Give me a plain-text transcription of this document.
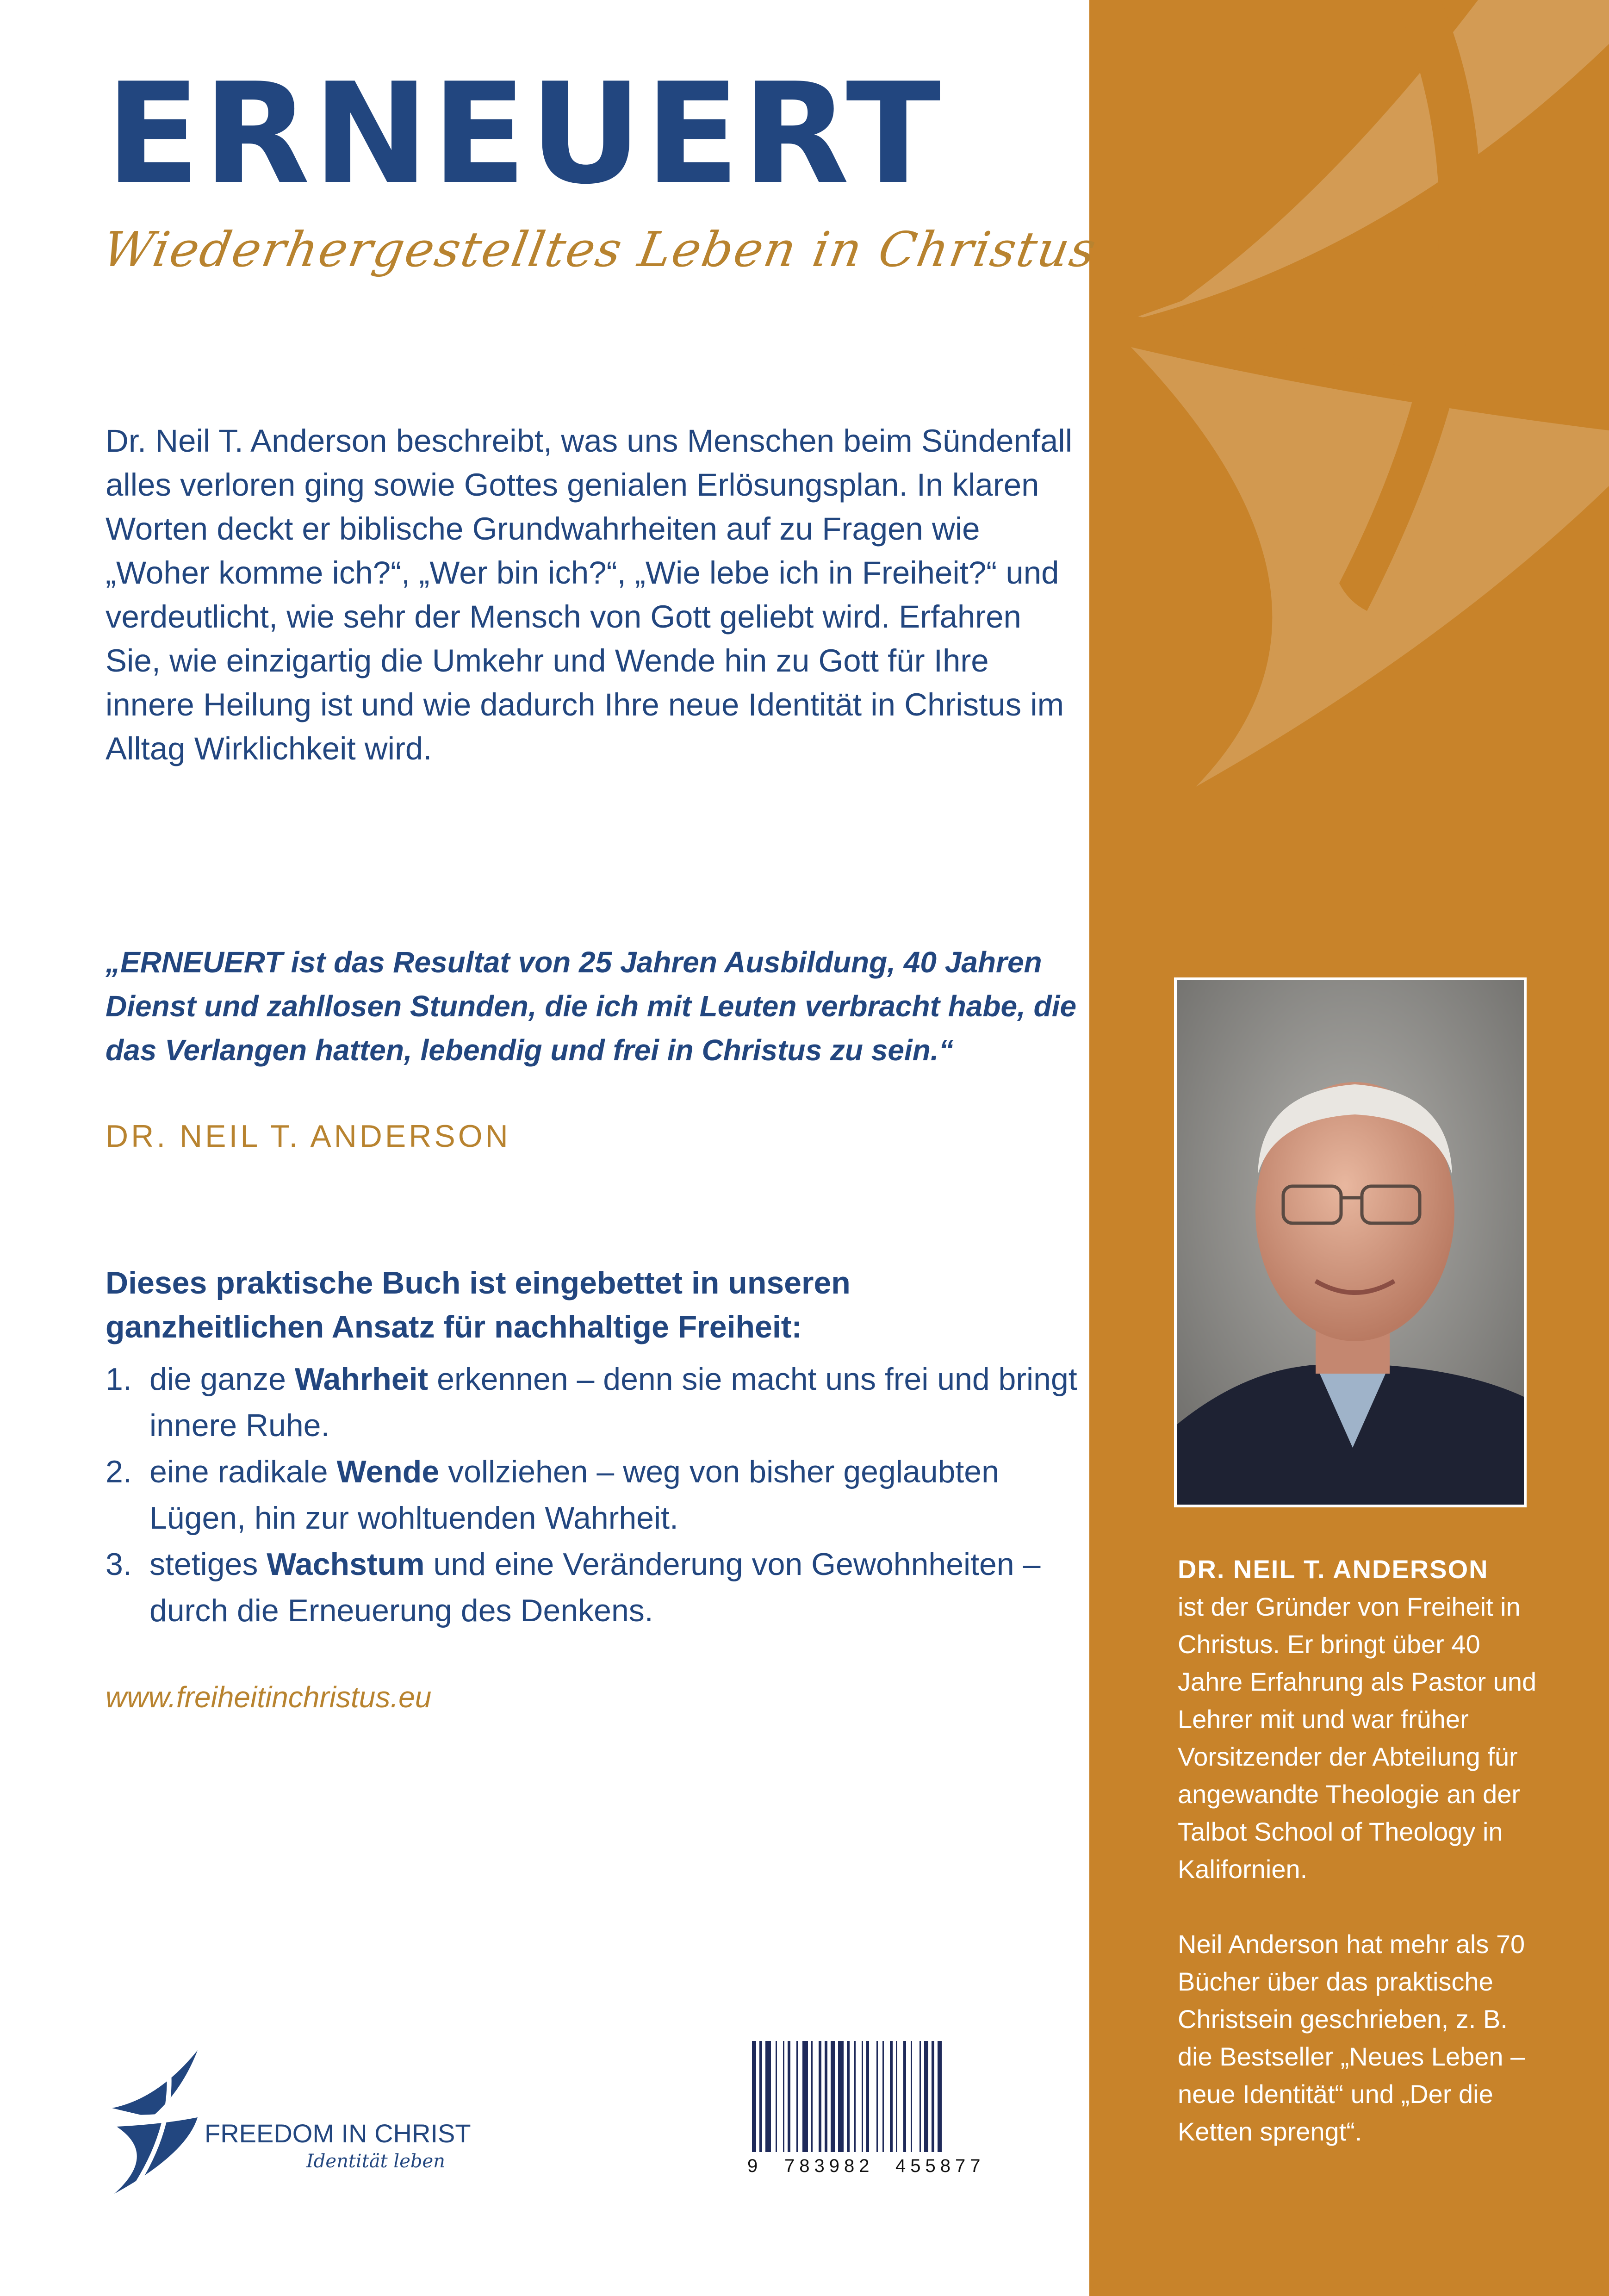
ERNEUERT
Wiederhergestelltes Leben in Christus

Dr. Neil T. Anderson beschreibt, was uns Menschen beim Sündenfall alles verloren ging sowie Gottes genialen Erlösungsplan. In klaren Worten deckt er biblische Grundwahrheiten auf zu Fragen wie „Woher komme ich?“, „Wer bin ich?“, „Wie lebe ich in Freiheit?“ und verdeutlicht, wie sehr der Mensch von Gott geliebt wird. Erfahren Sie, wie einzigartig die Umkehr und Wende hin zu Gott für Ihre innere Heilung ist und wie dadurch Ihre neue Identität in Christus im Alltag Wirklichkeit wird.

„ERNEUERT ist das Resultat von 25 Jahren Ausbildung, 40 Jahren Dienst und zahllosen Stunden, die ich mit Leuten verbracht habe, die das Verlangen hatten, lebendig und frei in Christus zu sein.“

DR. NEIL T. ANDERSON

Dieses praktische Buch ist eingebettet in unseren ganzheitlichen Ansatz für nachhaltige Freiheit:

1. die ganze Wahrheit erkennen – denn sie macht uns frei und bringt innere Ruhe.
2. eine radikale Wende vollziehen – weg von bisher geglaubten Lügen, hin zur wohltuenden Wahrheit.
3. stetiges Wachstum und eine Veränderung von Gewohnheiten – durch die Erneuerung des Denkens.
www.freiheitinchristus.eu
FREEDOM IN CHRIST
Identität leben	9 783982 455877
DR. NEIL T. ANDERSON
ist der Gründer von Freiheit in Christus. Er bringt über 40 Jahre Erfahrung als Pastor und Lehrer mit und war früher Vorsitzender der Abteilung für angewandte Theologie an der Talbot School of Theology in Kalifornien.
Neil Anderson hat mehr als 70 Bücher über das praktische Christsein geschrieben, z. B. die Bestseller „Neues Leben – neue Identität“ und „Der die Ketten sprengt“.
